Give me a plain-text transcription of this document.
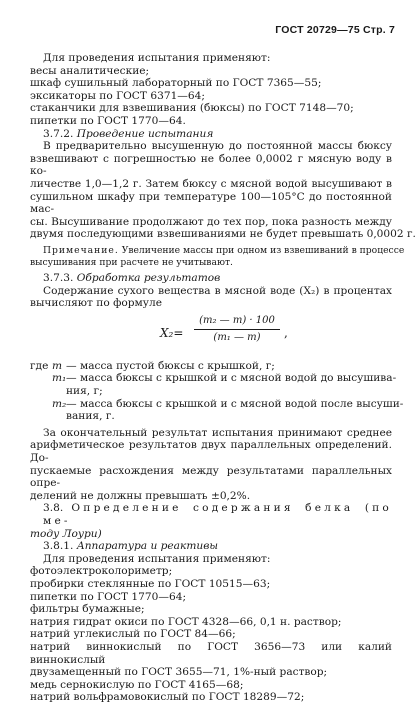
ГОСТ 20729—75 Стр. 7
Для проведения испытания применяют:
весы аналитические;
шкаф сушильный лабораторный по ГОСТ 7365—55;
эксикаторы по ГОСТ 6371—64;
стаканчики для взвешивания (бюксы) по ГОСТ 7148—70;
пипетки по ГОСТ 1770—64.
3.7.2. Проведение испытания
В предварительно высушенную до постоянной массы бюксу
взвешивают с погрешностью не более 0,0002 г мясную воду в ко-
личестве 1,0—1,2 г. Затем бюксу с мясной водой высушивают в
сушильном шкафу при температуре 100—105°С до постоянной мас-
сы. Высушивание продолжают до тех пор, пока разность между
двумя последующими взвешиваниями не будет превышать 0,0002 г.
Примечание. Увеличение массы при одном из взвешиваний в процессе
высушивания при расчете не учитывают.
3.7.3. Обработка результатов
Содержание сухого вещества в мясной воде (X₂) в процентах
вычисляют по формуле
X₂=
(m₂ — m) · 100
(m₁ — m)	,
где m — масса пустой бюксы с крышкой, г;
m₁ — масса бюксы с крышкой и с мясной водой до высушива-
ния, г;
m₂ — масса бюксы с крышкой и с мясной водой после высуши-
вания, г.
За окончательный результат испытания принимают среднее
арифметическое результатов двух параллельных определений. До-
пускаемые расхождения между результатами параллельных опре-
делений не должны превышать ±0,2%.
3.8. Определение содержания белка (по ме-
тоду Лоури)
3.8.1. Аппаратура и реактивы
Для проведения испытания применяют:
фотоэлектроколориметр;
пробирки стеклянные по ГОСТ 10515—63;
пипетки по ГОСТ 1770—64;
фильтры бумажные;
натрия гидрат окиси по ГОСТ 4328—66, 0,1 н. раствор;
натрий углекислый по ГОСТ 84—66;
натрий виннокислый по ГОСТ 3656—73 или калий виннокислый
двузамещенный по ГОСТ 3655—71, 1%-ный раствор;
медь сернокислую по ГОСТ 4165—68;
натрий вольфрамовокислый по ГОСТ 18289—72;
